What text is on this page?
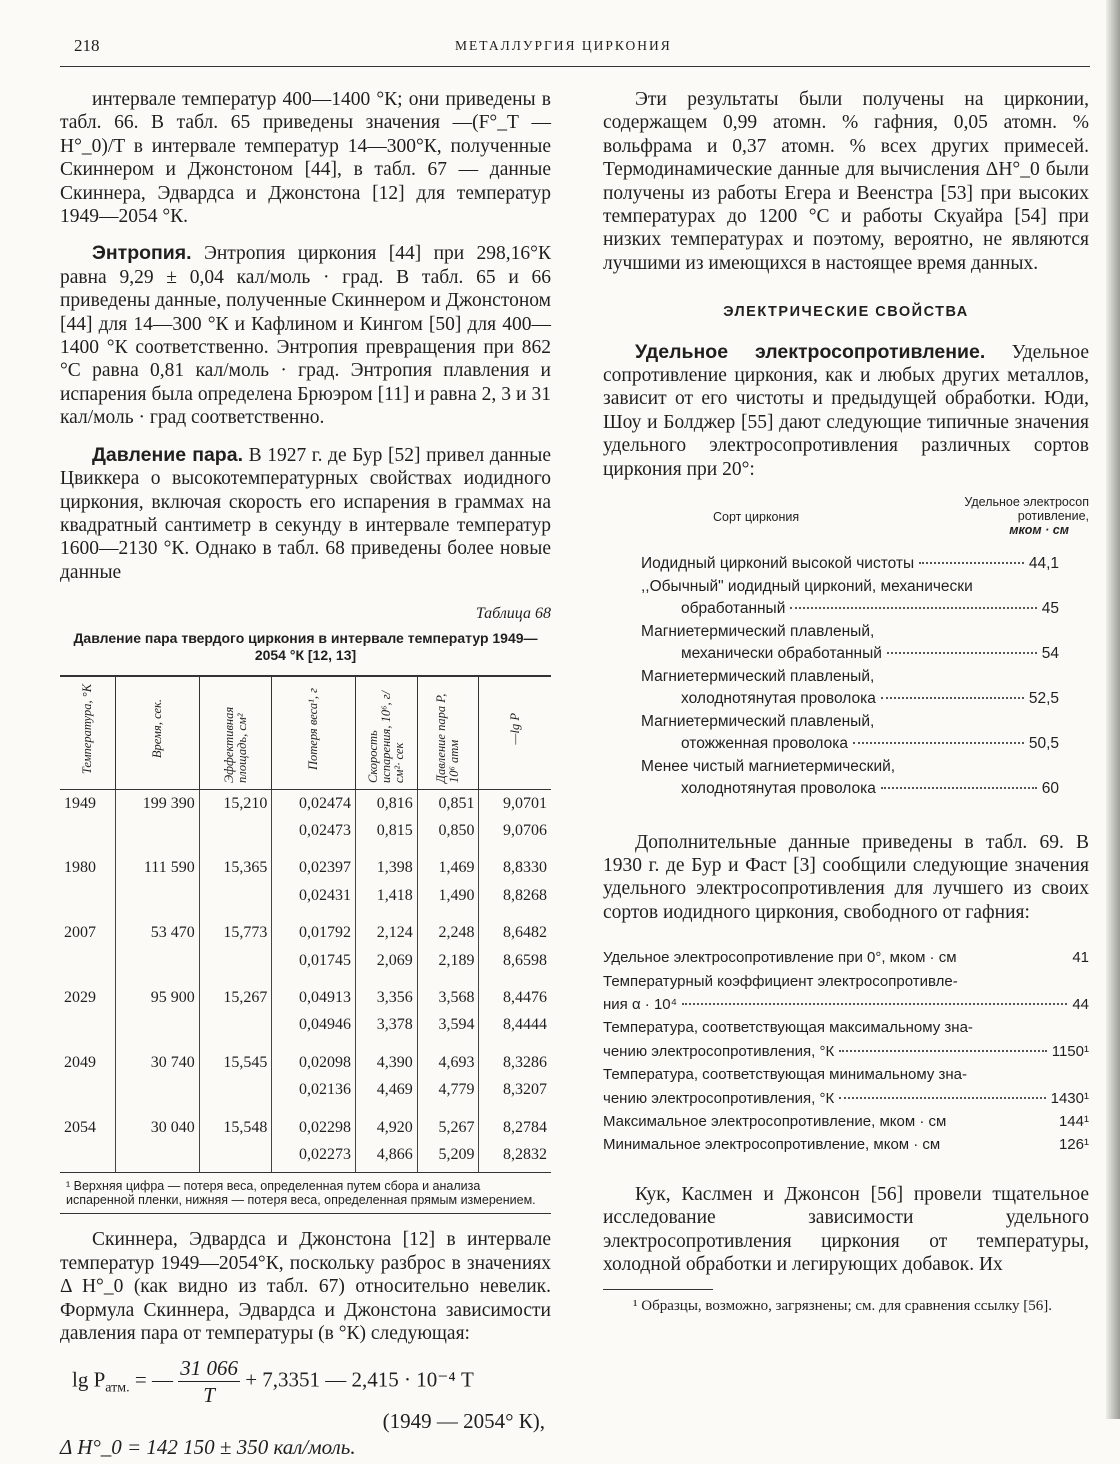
218	МЕТАЛЛУРГИЯ ЦИРКОНИЯ

интервале температур 400—1400 °К; они приведены в табл. 66. В табл. 65 приведены значения —(F°_Т — H°_0)/T в интервале температур 14—300°К, полученные Скиннером и Джонстоном [44], в табл. 67 — данные Скиннера, Эдвардса и Джонстона [12] для температур 1949—2054 °К.

Энтропия. Энтропия циркония [44] при 298,16°К равна 9,29 ± 0,04 кал/моль · град. В табл. 65 и 66 приведены данные, полученные Скиннером и Джонстоном [44] для 14—300 °К и Кафлином и Кингом [50] для 400—1400 °К соответственно. Энтропия превращения при 862 °С равна 0,81 кал/моль · град. Энтропия плавления и испарения была определена Брюэром [11] и равна 2, 3 и 31 кал/моль · град соответственно.

Давление пара. В 1927 г. де Бур [52] привел данные Цвиккера о высокотемпературных свойствах иодидного циркония, включая скорость его испарения в граммах на квадратный сантиметр в секунду в интервале температур 1600—2130 °К. Однако в табл. 68 приведены более новые данные

Таблица 68
Давление пара твердого циркония в интервале температур 1949—2054 °К [12, 13]
Температура, °К	Время, сек.	Эффективная площадь, см²	Потеря веса¹, г	Скорость испарения, 10⁶, г/см²· сек	Давление пара P, 10⁶ атм	—lg P
1949	199 390	15,210	0,02474	0,816	0,851	9,0701
			0,02473	0,815	0,850	9,0706
1980	111 590	15,365	0,02397	1,398	1,469	8,8330
			0,02431	1,418	1,490	8,8268
2007	53 470	15,773	0,01792	2,124	2,248	8,6482
			0,01745	2,069	2,189	8,6598
2029	95 900	15,267	0,04913	3,356	3,568	8,4476
			0,04946	3,378	3,594	8,4444
2049	30 740	15,545	0,02098	4,390	4,693	8,3286
			0,02136	4,469	4,779	8,3207
2054	30 040	15,548	0,02298	4,920	5,267	8,2784
			0,02273	4,866	5,209	8,2832
¹ Верхняя цифра — потеря веса, определенная путем сбора и анализа испаренной пленки, нижняя — потеря веса, определенная прямым измерением.

Скиннера, Эдвардса и Джонстона [12] в интервале температур 1949—2054°К, поскольку разброс в значениях Δ H°_0 (как видно из табл. 67) относительно невелик. Формула Скиннера, Эдвардса и Джонстона зависимости давления пара от температуры (в °К) следующая:

$\lg P_{атм.}$ = — $\frac{31 066}{T} + 7,3351$ — 2,415 · 10⁻⁴ T
(1949 — 2054° К),
Δ H°_0 = 142 150 ± 350 кал/моль.

Эти результаты были получены на цирконии, содержащем 0,99 атомн. % гафния, 0,05 атомн. % вольфрама и 0,37 атомн. % всех других примесей. Термодинамические данные для вычисления ΔH°_0 были получены из работы Егера и Веенстра [53] при высоких температурах до 1200 °С и работы Скуайра [54] при низких температурах и поэтому, вероятно, не являются лучшими из имеющихся в настоящее время данных.

ЭЛЕКТРИЧЕСКИЕ СВОЙСТВА

Удельное электросопротивление. Удельное сопротивление циркония, как и любых других металлов, зависит от его чистоты и предыдущей обработки. Юди, Шоу и Болджер [55] дают следующие типичные значения удельного электросопротивления различных сортов циркония при 20°:

Сорт циркония
Удельное электросоп
ротивление,
мком · см
Иодидный цирконий высокой чистоты	44,1
,,Обычный" иодидный цирконий, механически
обработанный	45
Магниетермический плавленый,
механически обработанный	54
Магниетермический плавленый,
холоднотянутая проволока	52,5
Магниетермический плавленый,
отожженная проволока	50,5
Менее чистый магниетермический,
холоднотянутая проволока	60

Дополнительные данные приведены в табл. 69. В 1930 г. де Бур и Фаст [3] сообщили следующие значения удельного электросопротивления для лучшего из своих сортов иодидного циркония, свободного от гафния:

Удельное электросопротивление при 0°, мком · см	41
Температурный коэффициент электросопротивле-
ния α · 10⁴	44
Температура, соответствующая максимальному зна-
чению электросопротивления, °К	1150¹
Температура, соответствующая минимальному зна-
чению электросопротивления, °К	1430¹
Максимальное электросопротивление, мком · см	144¹
Минимальное электросопротивление, мком · см	126¹

Кук, Каслмен и Джонсон [56] провели тщательное исследование зависимости удельного электросопротивления циркония от температуры, холодной обработки и легирующих добавок. Их

¹ Образцы, возможно, загрязнены; см. для сравнения ссылку [56].
